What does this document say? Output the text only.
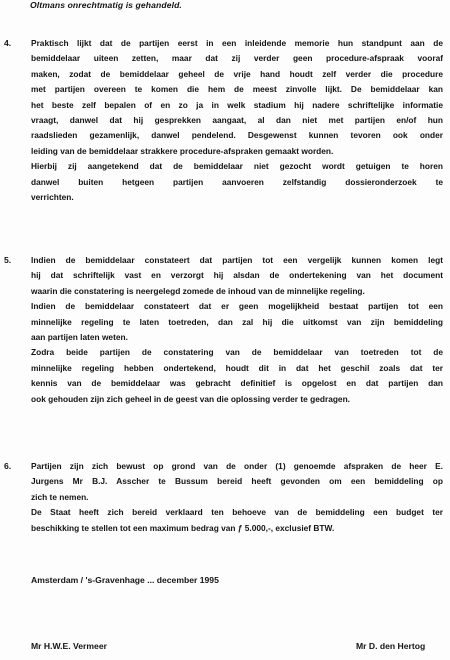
Oltmans onrechtmatig is gehandeld.
4.	Praktisch lijkt dat de partijen eerst in een inleidende memorie hun standpunt aan de
bemiddelaar uiteen zetten, maar dat zij verder geen procedure-afspraak vooraf
maken, zodat de bemiddelaar geheel de vrije hand houdt zelf verder die procedure
met partijen overeen te komen die hem de meest zinvolle lijkt. De bemiddelaar kan
het beste zelf bepalen of en zo ja in welk stadium hij nadere schriftelijke informatie
vraagt, danwel dat hij gesprekken aangaat, al dan niet met partijen en/of hun
raadslieden gezamenlijk, danwel pendelend. Desgewenst kunnen tevoren ook onder
leiding van de bemiddelaar strakkere procedure-afspraken gemaakt worden.
Hierbij zij aangetekend dat de bemiddelaar niet gezocht wordt getuigen te horen
danwel buiten hetgeen partijen aanvoeren zelfstandig dossieronderzoek te
verrichten.
5.	Indien de bemiddelaar constateert dat partijen tot een vergelijk kunnen komen legt
hij dat schriftelijk vast en verzorgt hij alsdan de ondertekening van het document
waarin die constatering is neergelegd zomede de inhoud van de minnelijke regeling.
Indien de bemiddelaar constateert dat er geen mogelijkheid bestaat partijen tot een
minnelijke regeling te laten toetreden, dan zal hij die uitkomst van zijn bemiddeling
aan partijen laten weten.
Zodra beide partijen de constatering van de bemiddelaar van toetreden tot de
minnelijke regeling hebben ondertekend, houdt dit in dat het geschil zoals dat ter
kennis van de bemiddelaar was gebracht definitief is opgelost en dat partijen dan
ook gehouden zijn zich geheel in de geest van die oplossing verder te gedragen.
6.	Partijen zijn zich bewust op grond van de onder (1) genoemde afspraken de heer E.
Jurgens Mr B.J. Asscher te Bussum bereid heeft gevonden om een bemiddeling op
zich te nemen.
De Staat heeft zich bereid verklaard ten behoeve van de bemiddeling een budget ter
beschikking te stellen tot een maximum bedrag van ƒ 5.000,-, exclusief BTW.
Amsterdam / 's-Gravenhage ... december 1995
Mr H.W.E. Vermeer	Mr D. den Hertog
